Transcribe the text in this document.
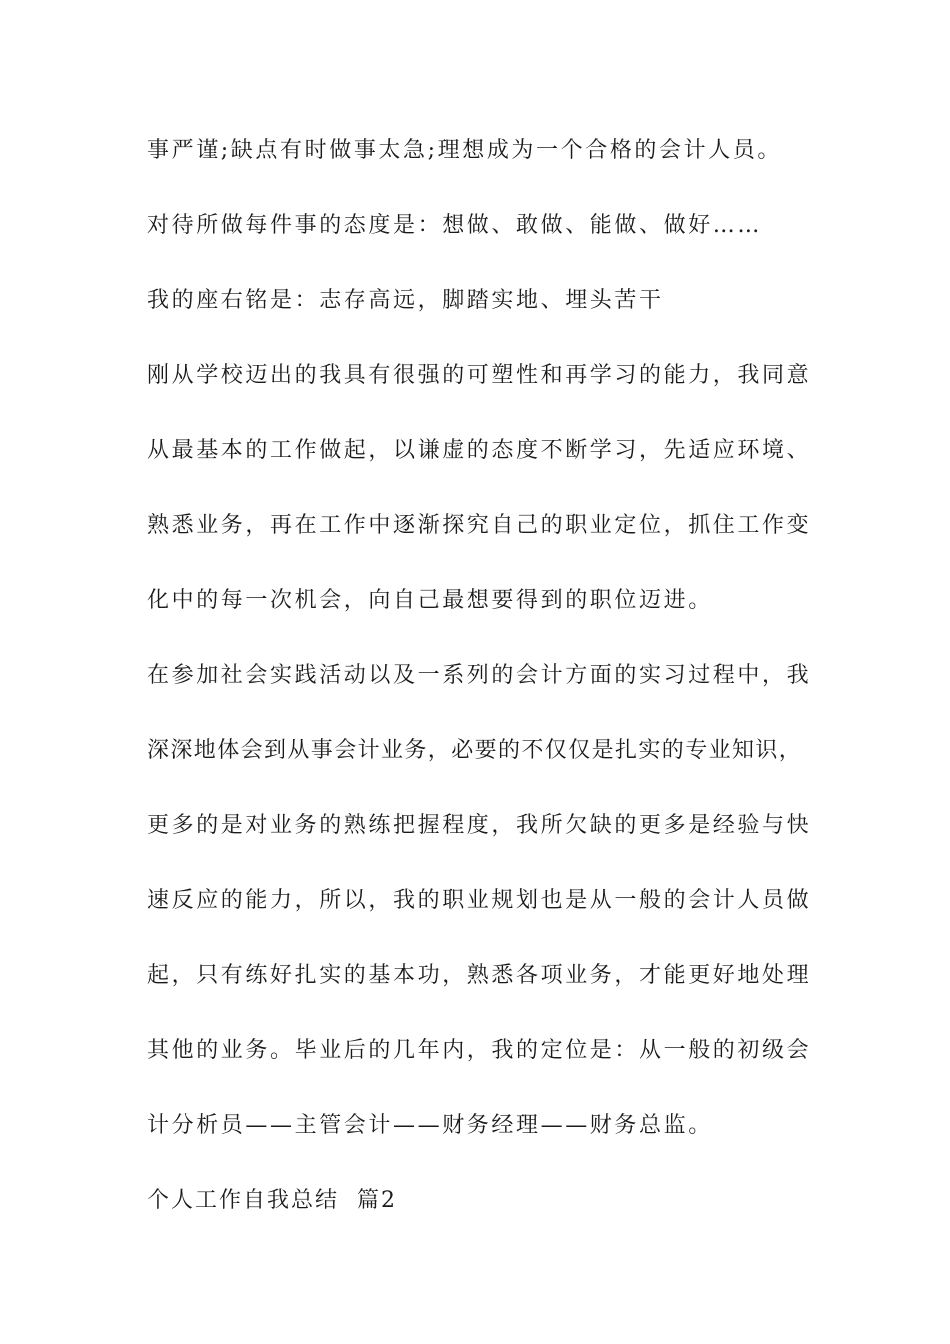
事严谨;缺点有时做事太急;理想成为一个合格的会计人员。
对待所做每件事的态度是：想做、敢做、能做、做好……
我的座右铭是：志存高远，脚踏实地、埋头苦干
刚从学校迈出的我具有很强的可塑性和再学习的能力，我同意
从最基本的工作做起，以谦虚的态度不断学习，先适应环境、
熟悉业务，再在工作中逐渐探究自己的职业定位，抓住工作变
化中的每一次机会，向自己最想要得到的职位迈进。
在参加社会实践活动以及一系列的会计方面的实习过程中，我
深深地体会到从事会计业务，必要的不仅仅是扎实的专业知识，
更多的是对业务的熟练把握程度，我所欠缺的更多是经验与快
速反应的能力，所以，我的职业规划也是从一般的会计人员做
起，只有练好扎实的基本功，熟悉各项业务，才能更好地处理
其他的业务。毕业后的几年内，我的定位是：从一般的初级会
计分析员——主管会计——财务经理——财务总监。
个人工作自我总结  篇2
